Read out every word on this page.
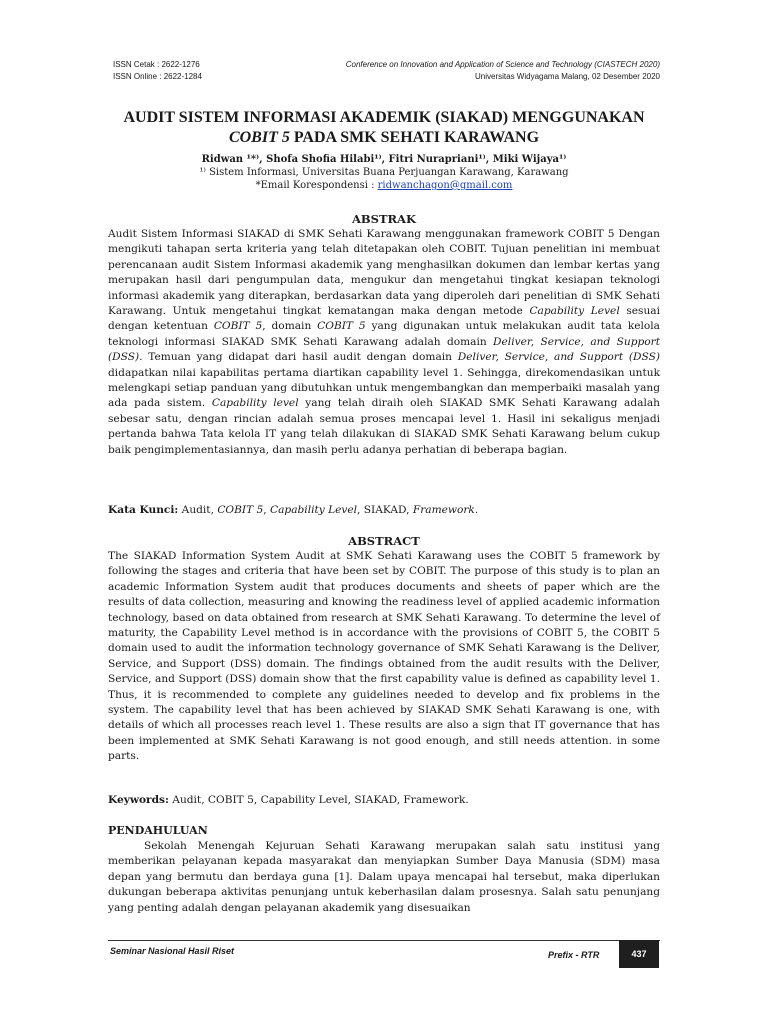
ISSN Cetak : 2622-1276
ISSN Online : 2622-1284
Conference on Innovation and Application of Science and Technology (CIASTECH 2020)
Universitas Widyagama Malang, 02 Desember 2020
AUDIT SISTEM INFORMASI AKADEMIK (SIAKAD) MENGGUNAKAN
COBIT 5 PADA SMK SEHATI KARAWANG
Ridwan ¹*⁾, Shofa Shofia Hilabi¹⁾, Fitri Nurapriani¹⁾, Miki Wijaya¹⁾
¹⁾ Sistem Informasi, Universitas Buana Perjuangan Karawang, Karawang
*Email Korespondensi : ridwanchagon@gmail.com
ABSTRAK
Audit Sistem Informasi SIAKAD di SMK Sehati Karawang menggunakan framework COBIT 5 Dengan mengikuti tahapan serta kriteria yang telah ditetapakan oleh COBIT. Tujuan penelitian ini membuat perencanaan audit Sistem Informasi akademik yang menghasilkan dokumen dan lembar kertas yang merupakan hasil dari pengumpulan data, mengukur dan mengetahui tingkat kesiapan teknologi informasi akademik yang diterapkan, berdasarkan data yang diperoleh dari penelitian di SMK Sehati Karawang. Untuk mengetahui tingkat kematangan maka dengan metode Capability Level sesuai dengan ketentuan COBIT 5, domain COBIT 5 yang digunakan untuk melakukan audit tata kelola teknologi informasi SIAKAD SMK Sehati Karawang adalah domain Deliver, Service, and Support (DSS). Temuan yang didapat dari hasil audit dengan domain Deliver, Service, and Support (DSS) didapatkan nilai kapabilitas pertama diartikan capability level 1. Sehingga, direkomendasikan untuk melengkapi setiap panduan yang dibutuhkan untuk mengembangkan dan memperbaiki masalah yang ada pada sistem. Capability level yang telah diraih oleh SIAKAD SMK Sehati Karawang adalah sebesar satu, dengan rincian adalah semua proses mencapai level 1. Hasil ini sekaligus menjadi pertanda bahwa Tata kelola IT yang telah dilakukan di SIAKAD SMK Sehati Karawang belum cukup baik pengimplementasiannya, dan masih perlu adanya perhatian di beberapa bagian.
Kata Kunci: Audit, COBIT 5, Capability Level, SIAKAD, Framework.
ABSTRACT
The SIAKAD Information System Audit at SMK Sehati Karawang uses the COBIT 5 framework by following the stages and criteria that have been set by COBIT. The purpose of this study is to plan an academic Information System audit that produces documents and sheets of paper which are the results of data collection, measuring and knowing the readiness level of applied academic information technology, based on data obtained from research at SMK Sehati Karawang. To determine the level of maturity, the Capability Level method is in accordance with the provisions of COBIT 5, the COBIT 5 domain used to audit the information technology governance of SMK Sehati Karawang is the Deliver, Service, and Support (DSS) domain. The findings obtained from the audit results with the Deliver, Service, and Support (DSS) domain show that the first capability value is defined as capability level 1. Thus, it is recommended to complete any guidelines needed to develop and fix problems in the system. The capability level that has been achieved by SIAKAD SMK Sehati Karawang is one, with details of which all processes reach level 1. These results are also a sign that IT governance that has been implemented at SMK Sehati Karawang is not good enough, and still needs attention. in some parts.
Keywords: Audit, COBIT 5, Capability Level, SIAKAD, Framework.
PENDAHULUAN
Sekolah Menengah Kejuruan Sehati Karawang merupakan salah satu institusi yang memberikan pelayanan kepada masyarakat dan menyiapkan Sumber Daya Manusia (SDM) masa depan yang bermutu dan berdaya guna [1]. Dalam upaya mencapai hal tersebut, maka diperlukan dukungan beberapa aktivitas penunjang untuk keberhasilan dalam prosesnya. Salah satu penunjang yang penting adalah dengan pelayanan akademik yang disesuaikan
Seminar Nasional Hasil Riset	Prefix - RTR	437
